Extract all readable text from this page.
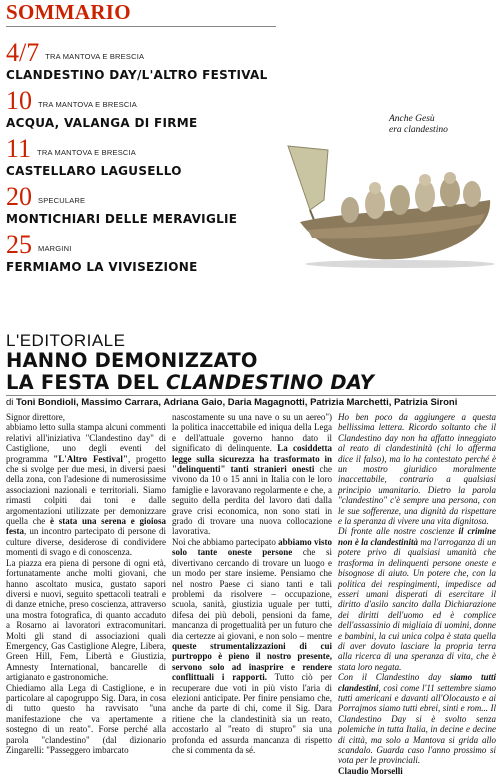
SOMMARIO
4/7 TRA MANTOVA E BRESCIA
CLANDESTINO DAY/L'ALTRO FESTIVAL
10 TRA MANTOVA E BRESCIA
ACQUA, VALANGA DI FIRME
11 TRA MANTOVA E BRESCIA
CASTELLARO LAGUSELLO
20 SPECULARE
MONTICHIARI DELLE MERAVIGLIE
25 MARGINI
FERMIAMO LA VIVISEZIONE
Anche Gesù
era clandestino
L'EDITORIALE
HANNO DEMONIZZATO
LA FESTA DEL CLANDESTINO DAY
di Toni Bondioli, Massimo Carrara, Adriana Gaio, Daria Magagnotti, Patrizia Marchetti, Patrizia Sironi

Signor direttore,

abbiamo letto sulla stampa alcuni commenti relativi all'iniziativa "Clandestino day" di Castiglione, uno degli eventi del programma "L'Altro Festival", progetto che si svolge per due mesi, in diversi paesi della zona, con l'adesione di numerosissime associazioni nazionali e territoriali. Siamo rimasti colpiti dai toni e dalle argomentazioni utilizzate per demonizzare quella che è stata una serena e gioiosa festa, un incontro partecipato di persone di culture diverse, desiderose di condividere momenti di svago e di conoscenza.

La piazza era piena di persone di ogni età, fortunatamente anche molti giovani, che hanno ascoltato musica, gustato sapori diversi e nuovi, seguito spettacoli teatrali e di danze etniche, preso coscienza, attraverso una mostra fotografica, di quanto accaduto a Rosarno ai lavoratori extracomunitari. Molti gli stand di associazioni quali Emergency, Gas Castiglione Alegre, Libera, Green Hill, Fem, Libertà e Giustizia, Amnesty International, bancarelle di artigianato e gastronomiche.

Chiediamo alla Lega di Castiglione, e in particolare al capogruppo Sig. Dara, in cosa di tutto questo ha ravvisato "una manifestazione che va apertamente a sostegno di un reato". Forse perché alla parola "clandestino" (dal dizionario Zingarelli: "Passeggero imbarcato

nascostamente su una nave o su un aereo") la politica inaccettabile ed iniqua della Lega e dell'attuale governo hanno dato il significato di delinquente. La cosiddetta legge sulla sicurezza ha trasformato in "delinquenti" tanti stranieri onesti che vivono da 10 o 15 anni in Italia con le loro famiglie e lavoravano regolarmente e che, a seguito della perdita del lavoro dati dalla grave crisi economica, non sono stati in grado di trovare una nuova collocazione lavorativa.

Noi che abbiamo partecipato abbiamo visto solo tante oneste persone che si divertivano cercando di trovare un luogo e un modo per stare insieme. Pensiamo che nel nostro Paese ci siano tanti e tali problemi da risolvere – occupazione, scuola, sanità, giustizia uguale per tutti, difesa dei più deboli, pensioni da fame, mancanza di progettualità per un futuro che dia certezze ai giovani, e non solo – mentre queste strumentalizzazioni di cui purtroppo è pieno il nostro presente, servono solo ad inasprire e rendere conflittuali i rapporti. Tutto ciò per recuperare due voti in più visto l'aria di elezioni anticipate. Per finire pensiamo che, anche da parte di chi, come il Sig. Dara ritiene che la clandestinità sia un reato, accostarlo al "reato di stupro" sia una profonda ed assurda mancanza di rispetto che si commenta da sé.

Ho ben poco da aggiungere a questa bellissima lettera. Ricordo soltanto che il Clandestino day non ha affatto inneggiato al reato di clandestinità (chi lo afferma dice il falso), ma lo ha contestato perché è un mostro giuridico moralmente inaccettabile, contrario a qualsiasi principio umanitario. Dietro la parola "clandestino" c'è sempre una persona, con le sue sofferenze, una dignità da rispettare e la speranza di vivere una vita dignitosa.

Di fronte alle nostre coscienze il crimine non è la clandestinità ma l'arroganza di un potere privo di qualsiasi umanità che trasforma in delinquenti persone oneste e bisognose di aiuto. Un potere che, con la politica dei respingimenti, impedisce ad esseri umani disperati di esercitare il diritto d'asilo sancito dalla Dichiarazione dei diritti dell'uomo ed è complice dell'assassinio di migliaia di uomini, donne e bambini, la cui unica colpa è stata quella di aver dovuto lasciare la propria terra alla ricerca di una speranza di vita, che è stata loro negata.

Con il Clandestino day siamo tutti clandestini, così come l'11 settembre siamo tutti americani e davanti all'Olocausto e ai Porrajmos siamo tutti ebrei, sinti e rom... Il Clandestino Day si è svolto senza polemiche in tutta Italia, in decine e decine di città, ma solo a Mantova si grida allo scandalo. Guarda caso l'anno prossimo si vota per le provinciali.

Claudio Morselli
